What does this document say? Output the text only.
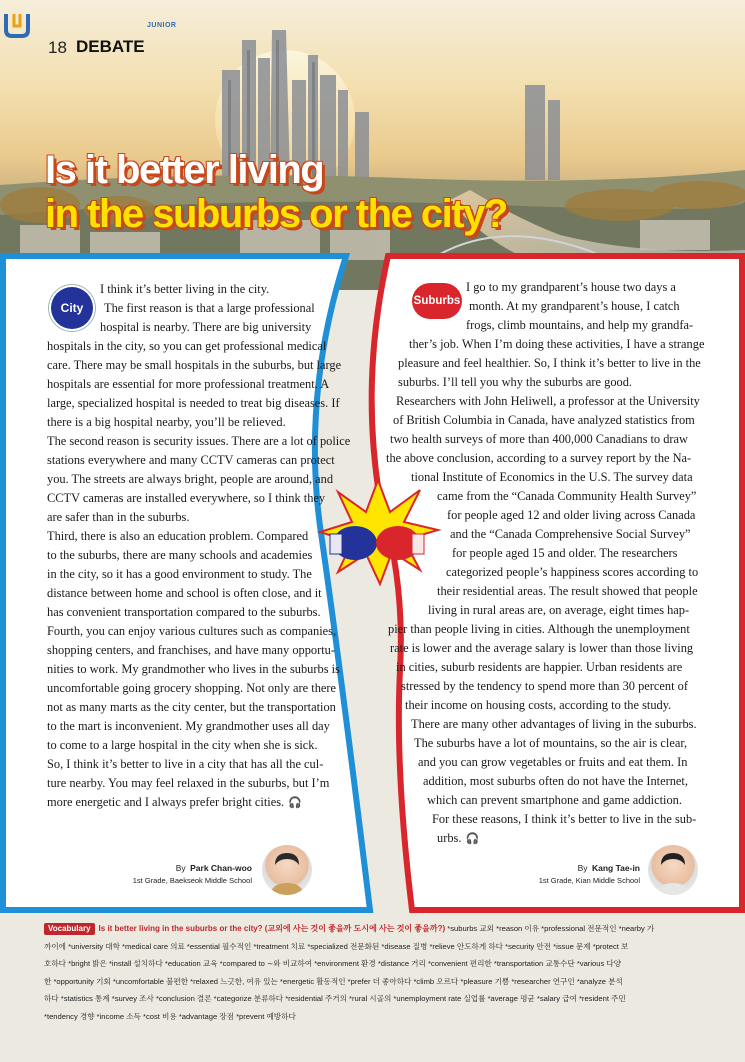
18 DEBATE
JUNIOR
Is it better living
in the suburbs or the city?
City	Suburbs
I think it’s better living in the city.
The first reason is that a large professional
hospital is nearby. There are big university
hospitals in the city, so you can get professional medical
care. There may be small hospitals in the suburbs, but large
hospitals are essential for more professional treatment. A
large, specialized hospital is needed to treat big diseases. If
there is a big hospital nearby, you’ll be relieved.
The second reason is security issues. There are a lot of police
stations everywhere and many CCTV cameras can protect
you. The streets are always bright, people are around, and
CCTV cameras are installed everywhere, so I think they
are safer than in the suburbs.
Third, there is also an education problem. Compared
to the suburbs, there are many schools and academies
in the city, so it has a good environment to study. The
distance between home and school is often close, and it
has convenient transportation compared to the suburbs.
Fourth, you can enjoy various cultures such as companies,
shopping centers, and franchises, and have many opportu-
nities to work. My grandmother who lives in the suburbs is
uncomfortable going grocery shopping. Not only are there
not as many marts as the city center, but the transportation
to the mart is inconvenient. My grandmother uses all day
to come to a large hospital in the city when she is sick.
So, I think it’s better to live in a city that has all the cul-
ture nearby. You may feel relaxed in the suburbs, but I’m
more energetic and I always prefer bright cities. 🎧
By Park Chan-woo
1st Grade, Baekseok Middle School
I go to my grandparent’s house two days a
month. At my grandparent’s house, I catch
frogs, climb mountains, and help my grandfa-
ther’s job. When I’m doing these activities, I have a strange
pleasure and feel healthier. So, I think it’s better to live in the
suburbs. I’ll tell you why the suburbs are good.
Researchers with John Heliwell, a professor at the University
of British Columbia in Canada, have analyzed statistics from
two health surveys of more than 400,000 Canadians to draw
the above conclusion, according to a survey report by the Na-
tional Institute of Economics in the U.S. The survey data
came from the “Canada Community Health Survey”
for people aged 12 and older living across Canada
and the “Canada Comprehensive Social Survey”
for people aged 15 and older. The researchers
categorized people’s happiness scores according to
their residential areas. The result showed that people
living in rural areas are, on average, eight times hap-
pier than people living in cities. Although the unemployment
rate is lower and the average salary is lower than those living
in cities, suburb residents are happier. Urban residents are
stressed by the tendency to spend more than 30 percent of
their income on housing costs, according to the study.
There are many other advantages of living in the suburbs.
The suburbs have a lot of mountains, so the air is clear,
and you can grow vegetables or fruits and eat them. In
addition, most suburbs often do not have the Internet,
which can prevent smartphone and game addiction.
For these reasons, I think it’s better to live in the sub-
urbs. 🎧
By Kang Tae-in
1st Grade, Kian Middle School
Vocabulary Is it better living in the suburbs or the city? (교외에 사는 것이 좋을까 도시에 사는 것이 좋을까?) *suburbs 교외 *reason 이유 *professional 전문적인 *nearby 가
까이에 *university 대학 *medical care 의료 *essential 필수적인 *treatment 치료 *specialized 전문화된 *disease 질병 *relieve 안도하게 하다 *security 안전 *issue 문제 *protect 보
호하다 *bright 밝은 *install 설치하다 *education 교육 *compared to ∼와 비교하여 *environment 환경 *distance 거리 *convenient 편리한 *transportation 교통수단 *various 다양
한 *opportunity 기회 *uncomfortable 불편한 *relaxed 느긋한, 여유 있는 *energetic 활동적인 *prefer 더 좋아하다 *climb 오르다 *pleasure 기쁨 *researcher 연구인 *analyze 분석
하다 *statistics 통계 *survey 조사 *conclusion 결론 *categorize 분류하다 *residential 주거의 *rural 시골의 *unemployment rate 실업률 *average 평균 *salary 급여 *resident 주민
*tendency 경향 *income 소득 *cost 비용 *advantage 장점 *prevent 예방하다
